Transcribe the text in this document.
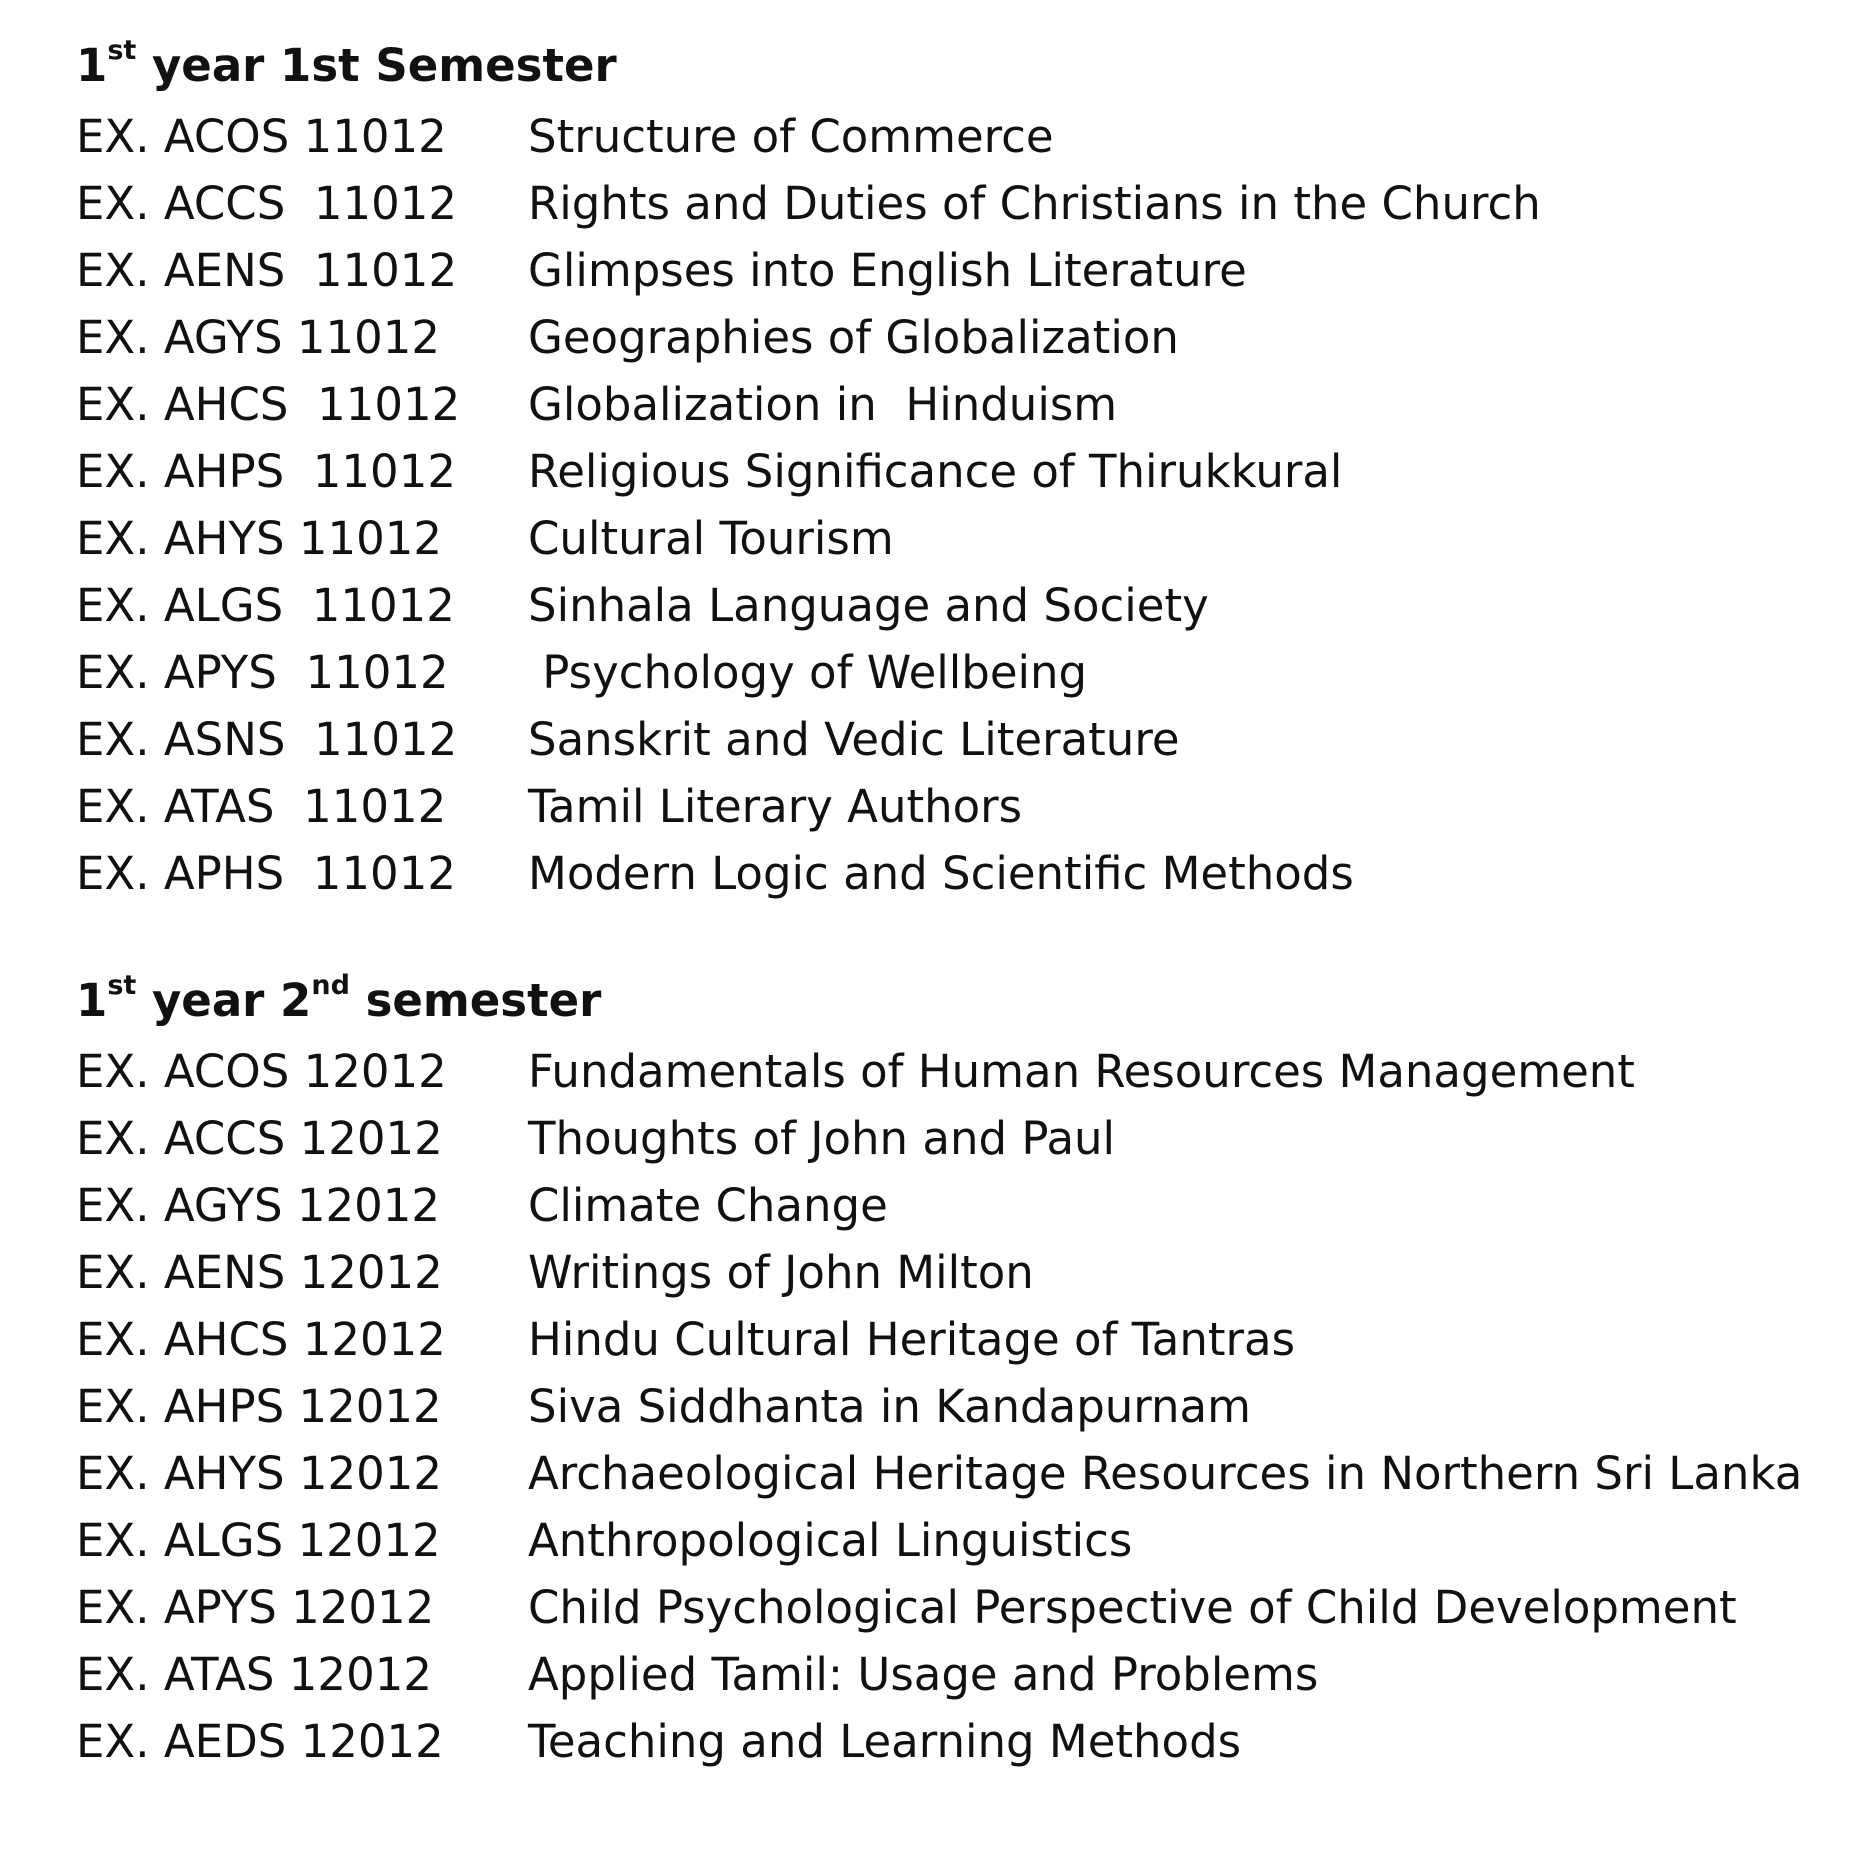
1st year 1st Semester
EX. ACOS 11012	Structure of Commerce
EX. ACCS  11012	Rights and Duties of Christians in the Church
EX. AENS  11012	Glimpses into English Literature
EX. AGYS 11012	Geographies of Globalization
EX. AHCS  11012	Globalization in  Hinduism
EX. AHPS  11012	Religious Significance of Thirukkural
EX. AHYS 11012	Cultural Tourism
EX. ALGS  11012	Sinhala Language and Society
EX. APYS  11012	Psychology of Wellbeing
EX. ASNS  11012	Sanskrit and Vedic Literature
EX. ATAS  11012	Tamil Literary Authors
EX. APHS  11012	Modern Logic and Scientific Methods
1st year 2nd semester
EX. ACOS 12012	Fundamentals of Human Resources Management
EX. ACCS 12012	Thoughts of John and Paul
EX. AGYS 12012	Climate Change
EX. AENS 12012	Writings of John Milton
EX. AHCS 12012	Hindu Cultural Heritage of Tantras
EX. AHPS 12012	Siva Siddhanta in Kandapurnam
EX. AHYS 12012	Archaeological Heritage Resources in Northern Sri Lanka
EX. ALGS 12012	Anthropological Linguistics
EX. APYS 12012	Child Psychological Perspective of Child Development
EX. ATAS 12012	Applied Tamil: Usage and Problems
EX. AEDS 12012	Teaching and Learning Methods
